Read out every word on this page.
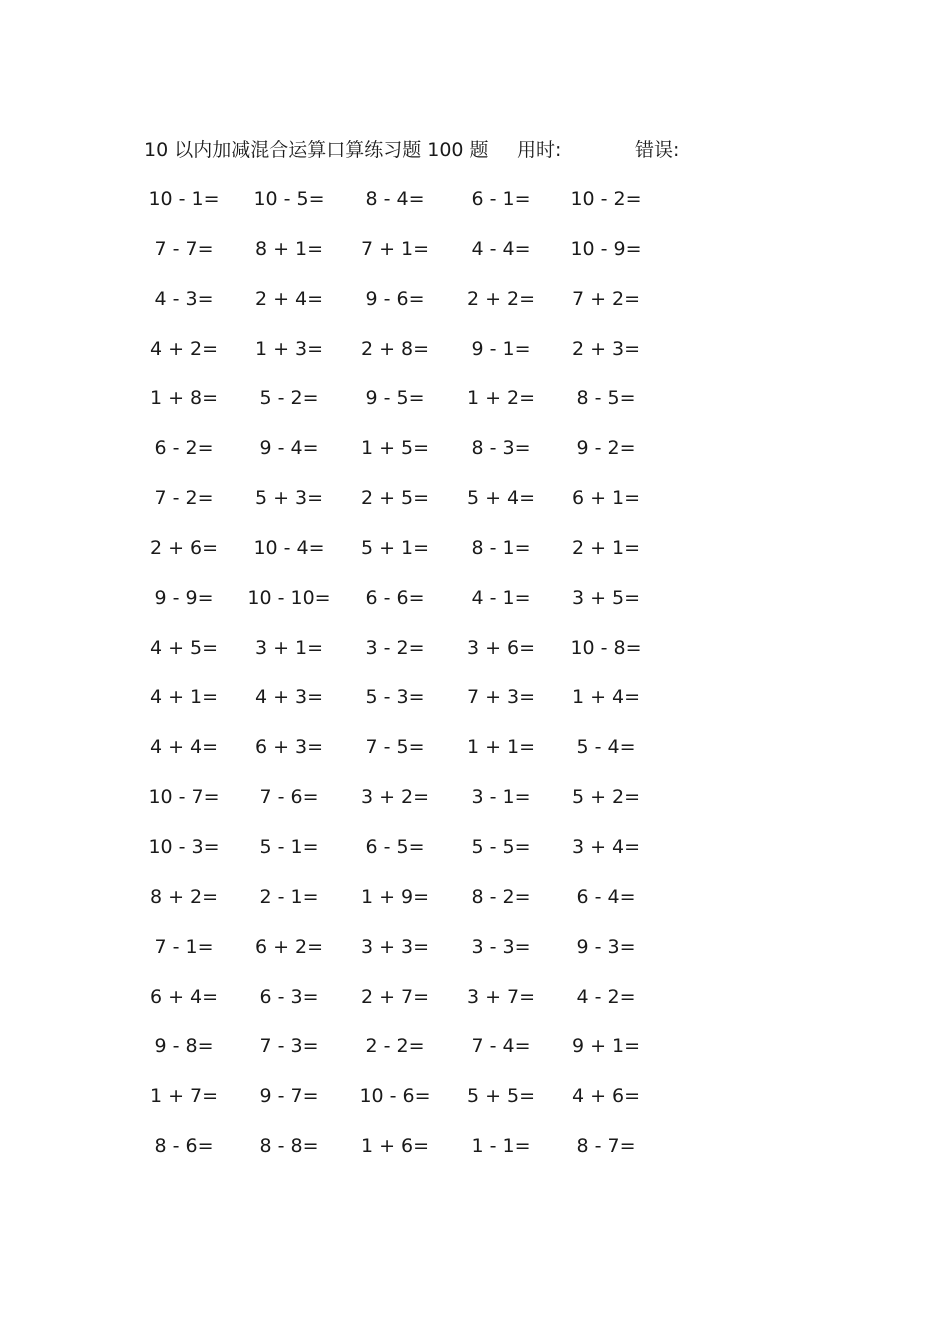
10 以内加减混合运算口算练习题 100 题 用时:	错误:
10 - 1=	10 - 5=	8 - 4=	6 - 1=	10 - 2=
7 - 7=	8 + 1=	7 + 1=	4 - 4=	10 - 9=
4 - 3=	2 + 4=	9 - 6=	2 + 2=	7 + 2=
4 + 2=	1 + 3=	2 + 8=	9 - 1=	2 + 3=
1 + 8=	5 - 2=	9 - 5=	1 + 2=	8 - 5=
6 - 2=	9 - 4=	1 + 5=	8 - 3=	9 - 2=
7 - 2=	5 + 3=	2 + 5=	5 + 4=	6 + 1=
2 + 6=	10 - 4=	5 + 1=	8 - 1=	2 + 1=
9 - 9=	10 - 10=	6 - 6=	4 - 1=	3 + 5=
4 + 5=	3 + 1=	3 - 2=	3 + 6=	10 - 8=
4 + 1=	4 + 3=	5 - 3=	7 + 3=	1 + 4=
4 + 4=	6 + 3=	7 - 5=	1 + 1=	5 - 4=
10 - 7=	7 - 6=	3 + 2=	3 - 1=	5 + 2=
10 - 3=	5 - 1=	6 - 5=	5 - 5=	3 + 4=
8 + 2=	2 - 1=	1 + 9=	8 - 2=	6 - 4=
7 - 1=	6 + 2=	3 + 3=	3 - 3=	9 - 3=
6 + 4=	6 - 3=	2 + 7=	3 + 7=	4 - 2=
9 - 8=	7 - 3=	2 - 2=	7 - 4=	9 + 1=
1 + 7=	9 - 7=	10 - 6=	5 + 5=	4 + 6=
8 - 6=	8 - 8=	1 + 6=	1 - 1=	8 - 7=
